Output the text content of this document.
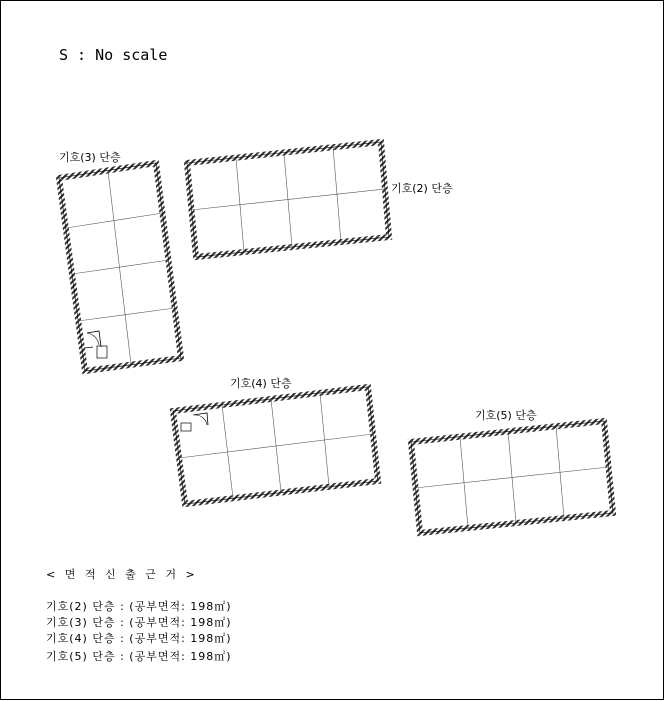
S : No scale
기호(3) 단층
기호(2) 단층
기호(4) 단층
기호(5) 단층
< 면 적 신 출 근 거 >
기호(2) 단층 : (공부면적: 198㎡)
기호(3) 단층 : (공부면적: 198㎡)
기호(4) 단층 : (공부면적: 198㎡)
기호(5) 단층 : (공부면적: 198㎡)
